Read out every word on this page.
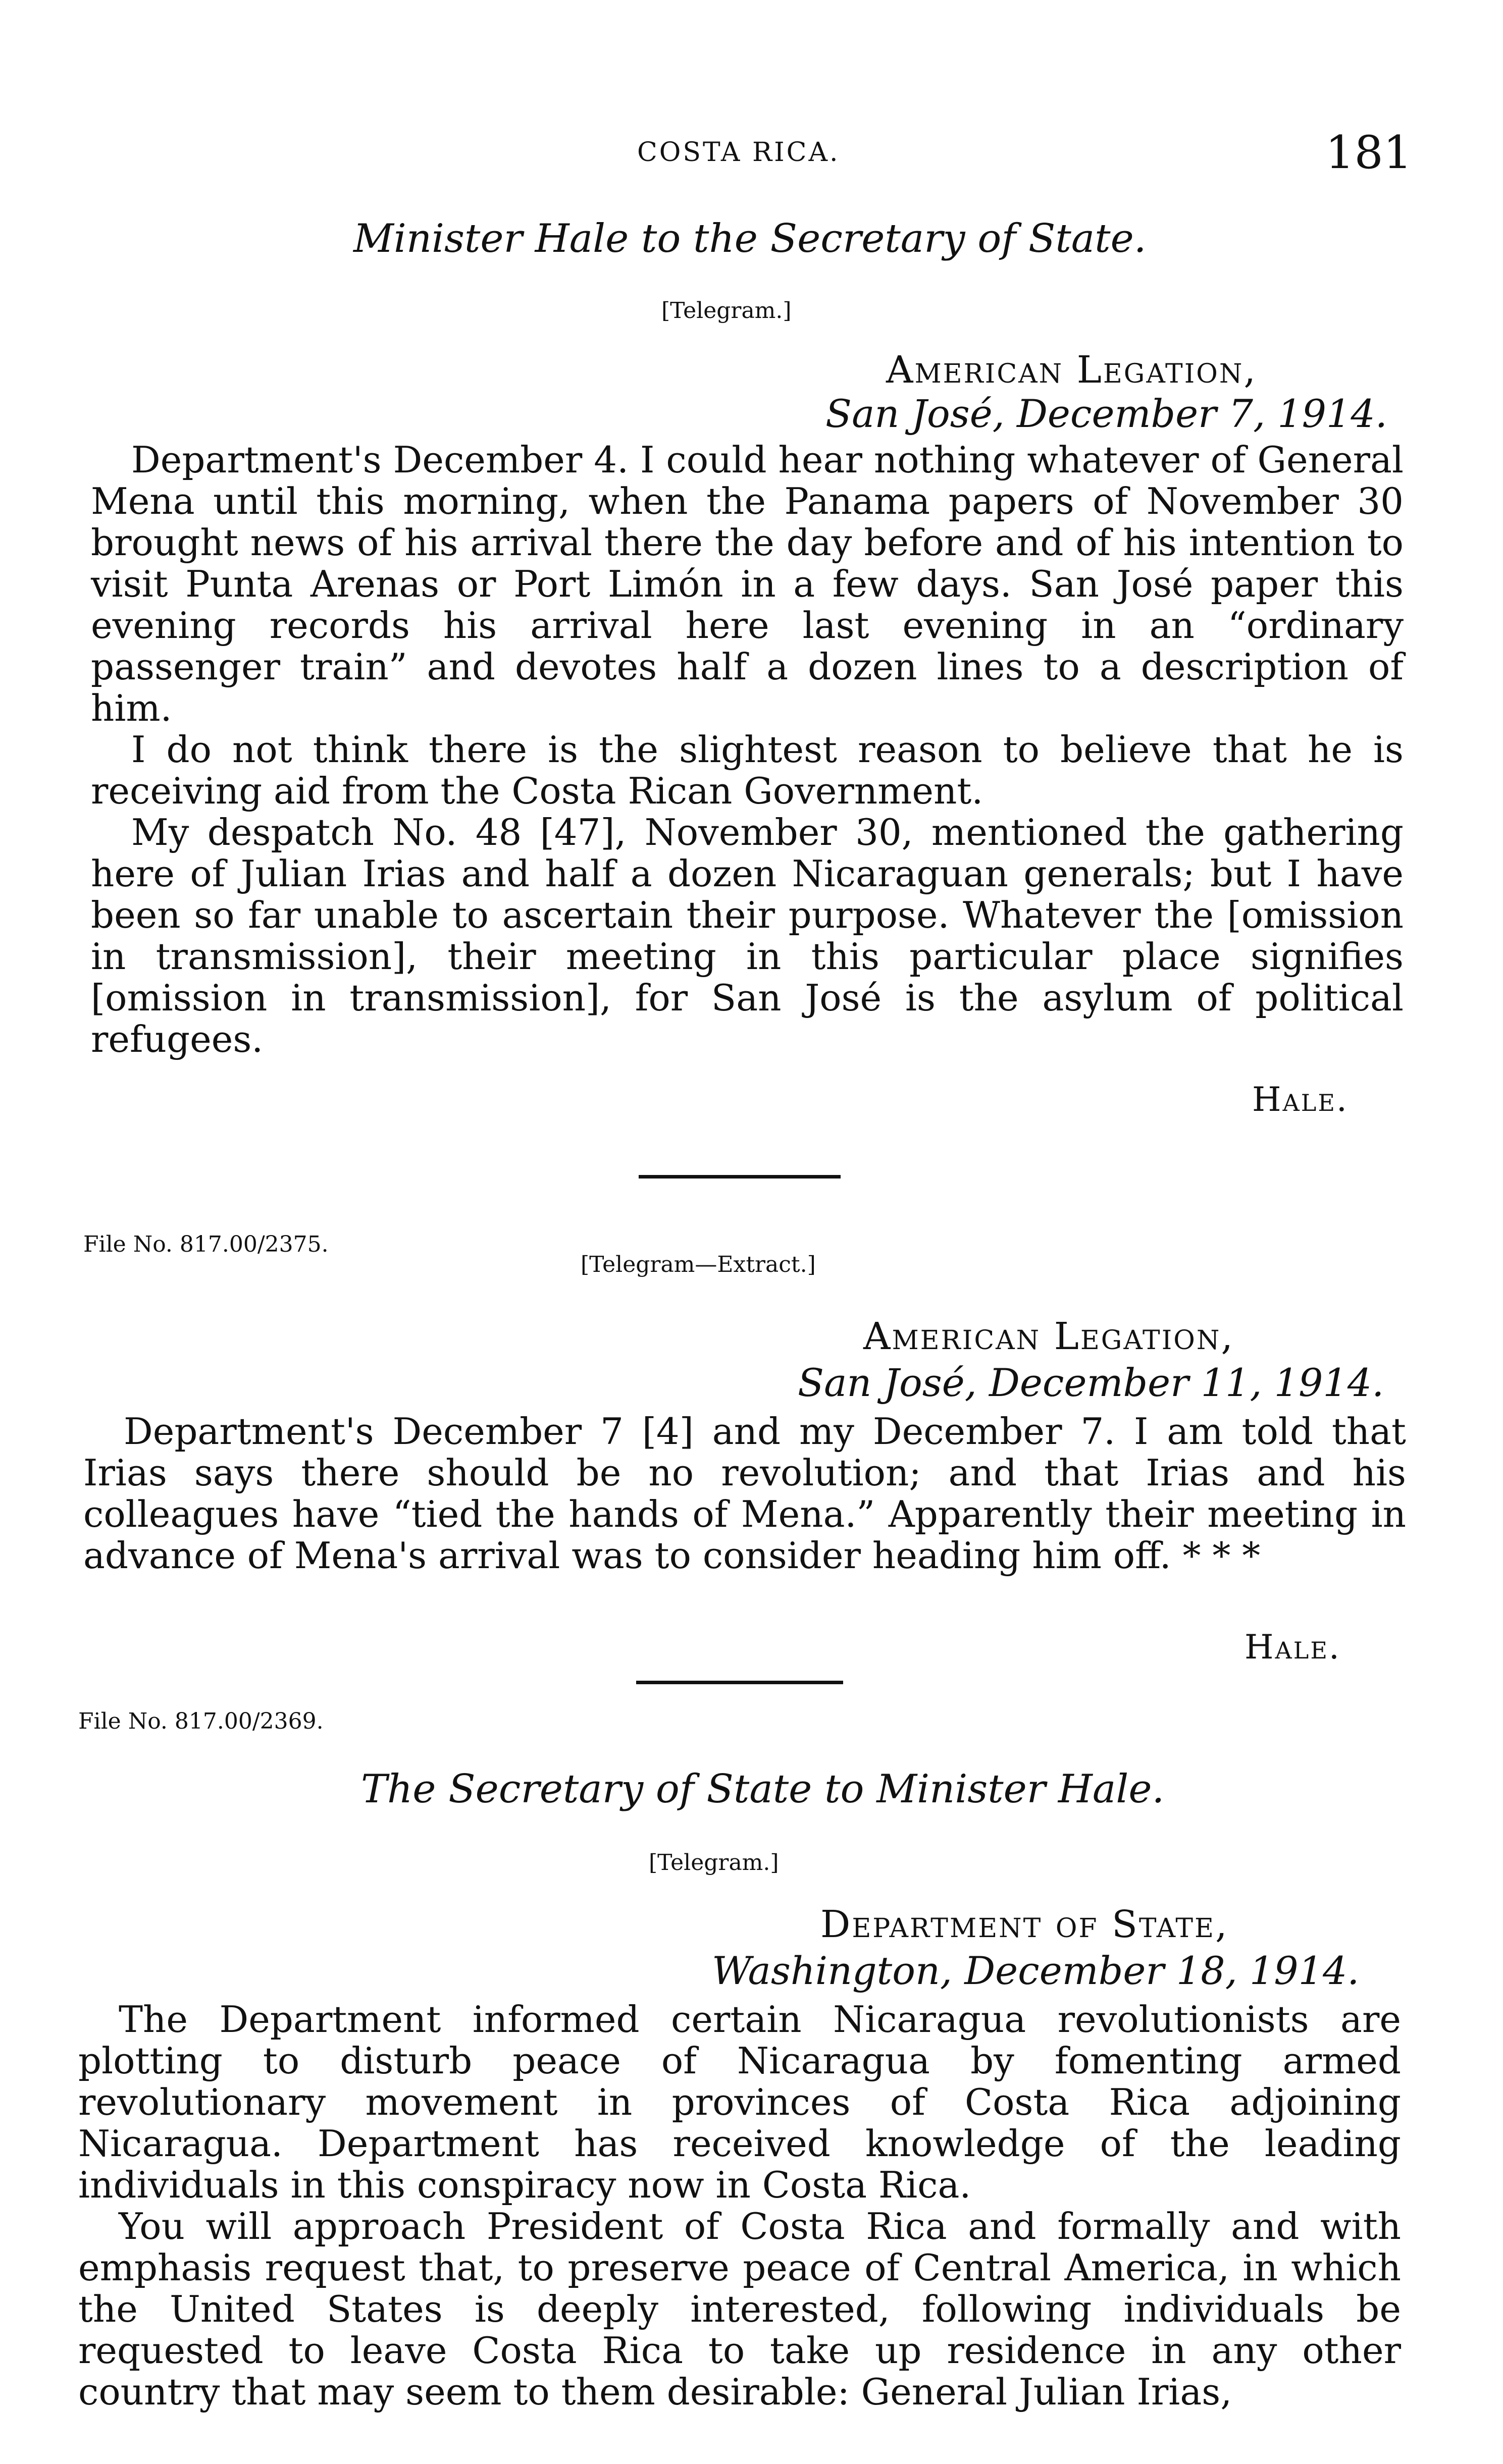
COSTA RICA.	181
Minister Hale to the Secretary of State.
[Telegram.]
American Legation,
San José, December 7, 1914.

Department's December 4. I could hear nothing whatever of General Mena until this morning, when the Panama papers of November 30 brought news of his arrival there the day before and of his intention to visit Punta Arenas or Port Limón in a few days. San José paper this evening records his arrival here last evening in an “ordinary passenger train” and devotes half a dozen lines to a description of him.

I do not think there is the slightest reason to believe that he is receiving aid from the Costa Rican Government.

My despatch No. 48 [47], November 30, mentioned the gathering here of Julian Irias and half a dozen Nicaraguan generals; but I have been so far unable to ascertain their purpose. Whatever the [omission in transmission], their meeting in this particular place signifies [omission in transmission], for San José is the asylum of political refugees.

Hale.
File No. 817.00/2375.
[Telegram—Extract.]
American Legation,
San José, December 11, 1914.

Department's December 7 [4] and my December 7. I am told that Irias says there should be no revolution; and that Irias and his colleagues have “tied the hands of Mena.” Apparently their meeting in advance of Mena's arrival was to consider heading him off. * * *

Hale.
File No. 817.00/2369.
The Secretary of State to Minister Hale.
[Telegram.]
Department of State,
Washington, December 18, 1914.

The Department informed certain Nicaragua revolutionists are plotting to disturb peace of Nicaragua by fomenting armed revolutionary movement in provinces of Costa Rica adjoining Nicaragua. Department has received knowledge of the leading individuals in this conspiracy now in Costa Rica.

You will approach President of Costa Rica and formally and with emphasis request that, to preserve peace of Central America, in which the United States is deeply interested, following individuals be requested to leave Costa Rica to take up residence in any other country that may seem to them desirable: General Julian Irias,
